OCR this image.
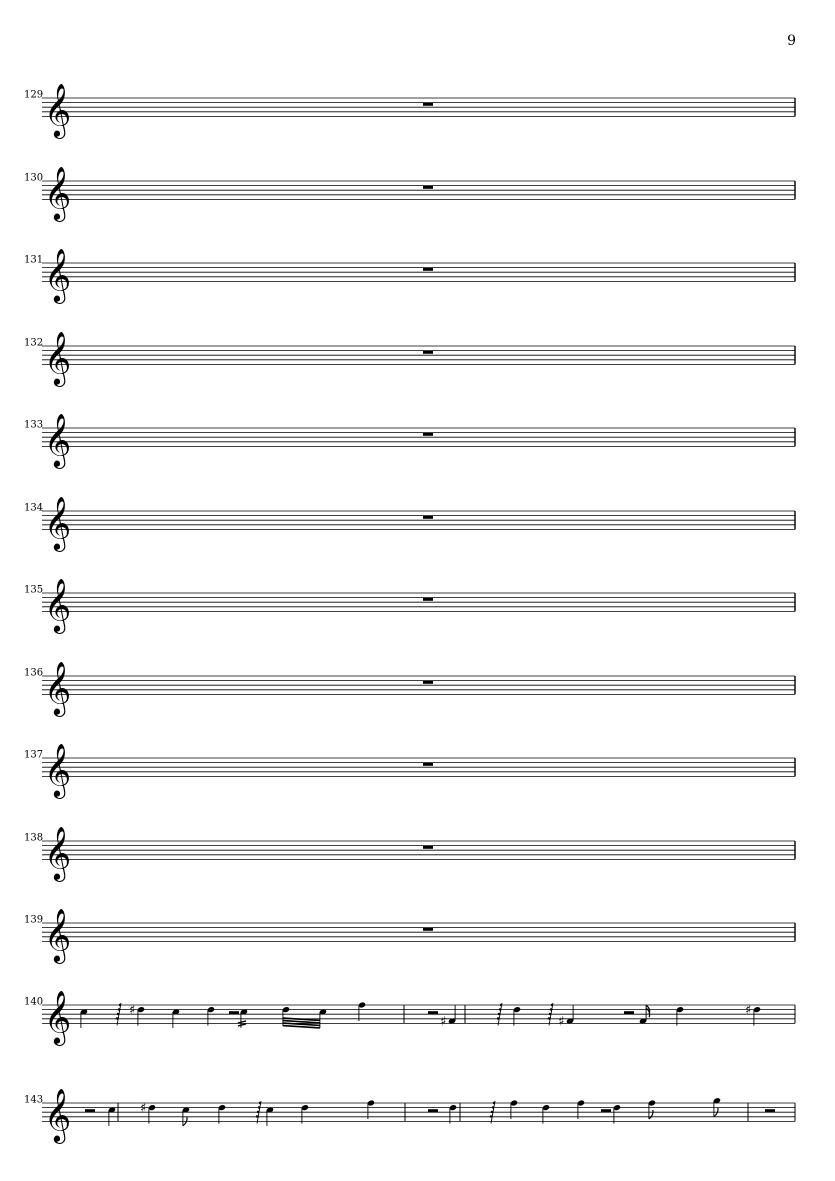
9
129 𝄞
130 𝄞
131 𝄞
132 𝄞
133 𝄞
134 𝄞
135 𝄞
136 𝄞
137 𝄞
138 𝄞
139 𝄞
140 𝄞	♯
♯	♯
♯
143 𝄞	♯
